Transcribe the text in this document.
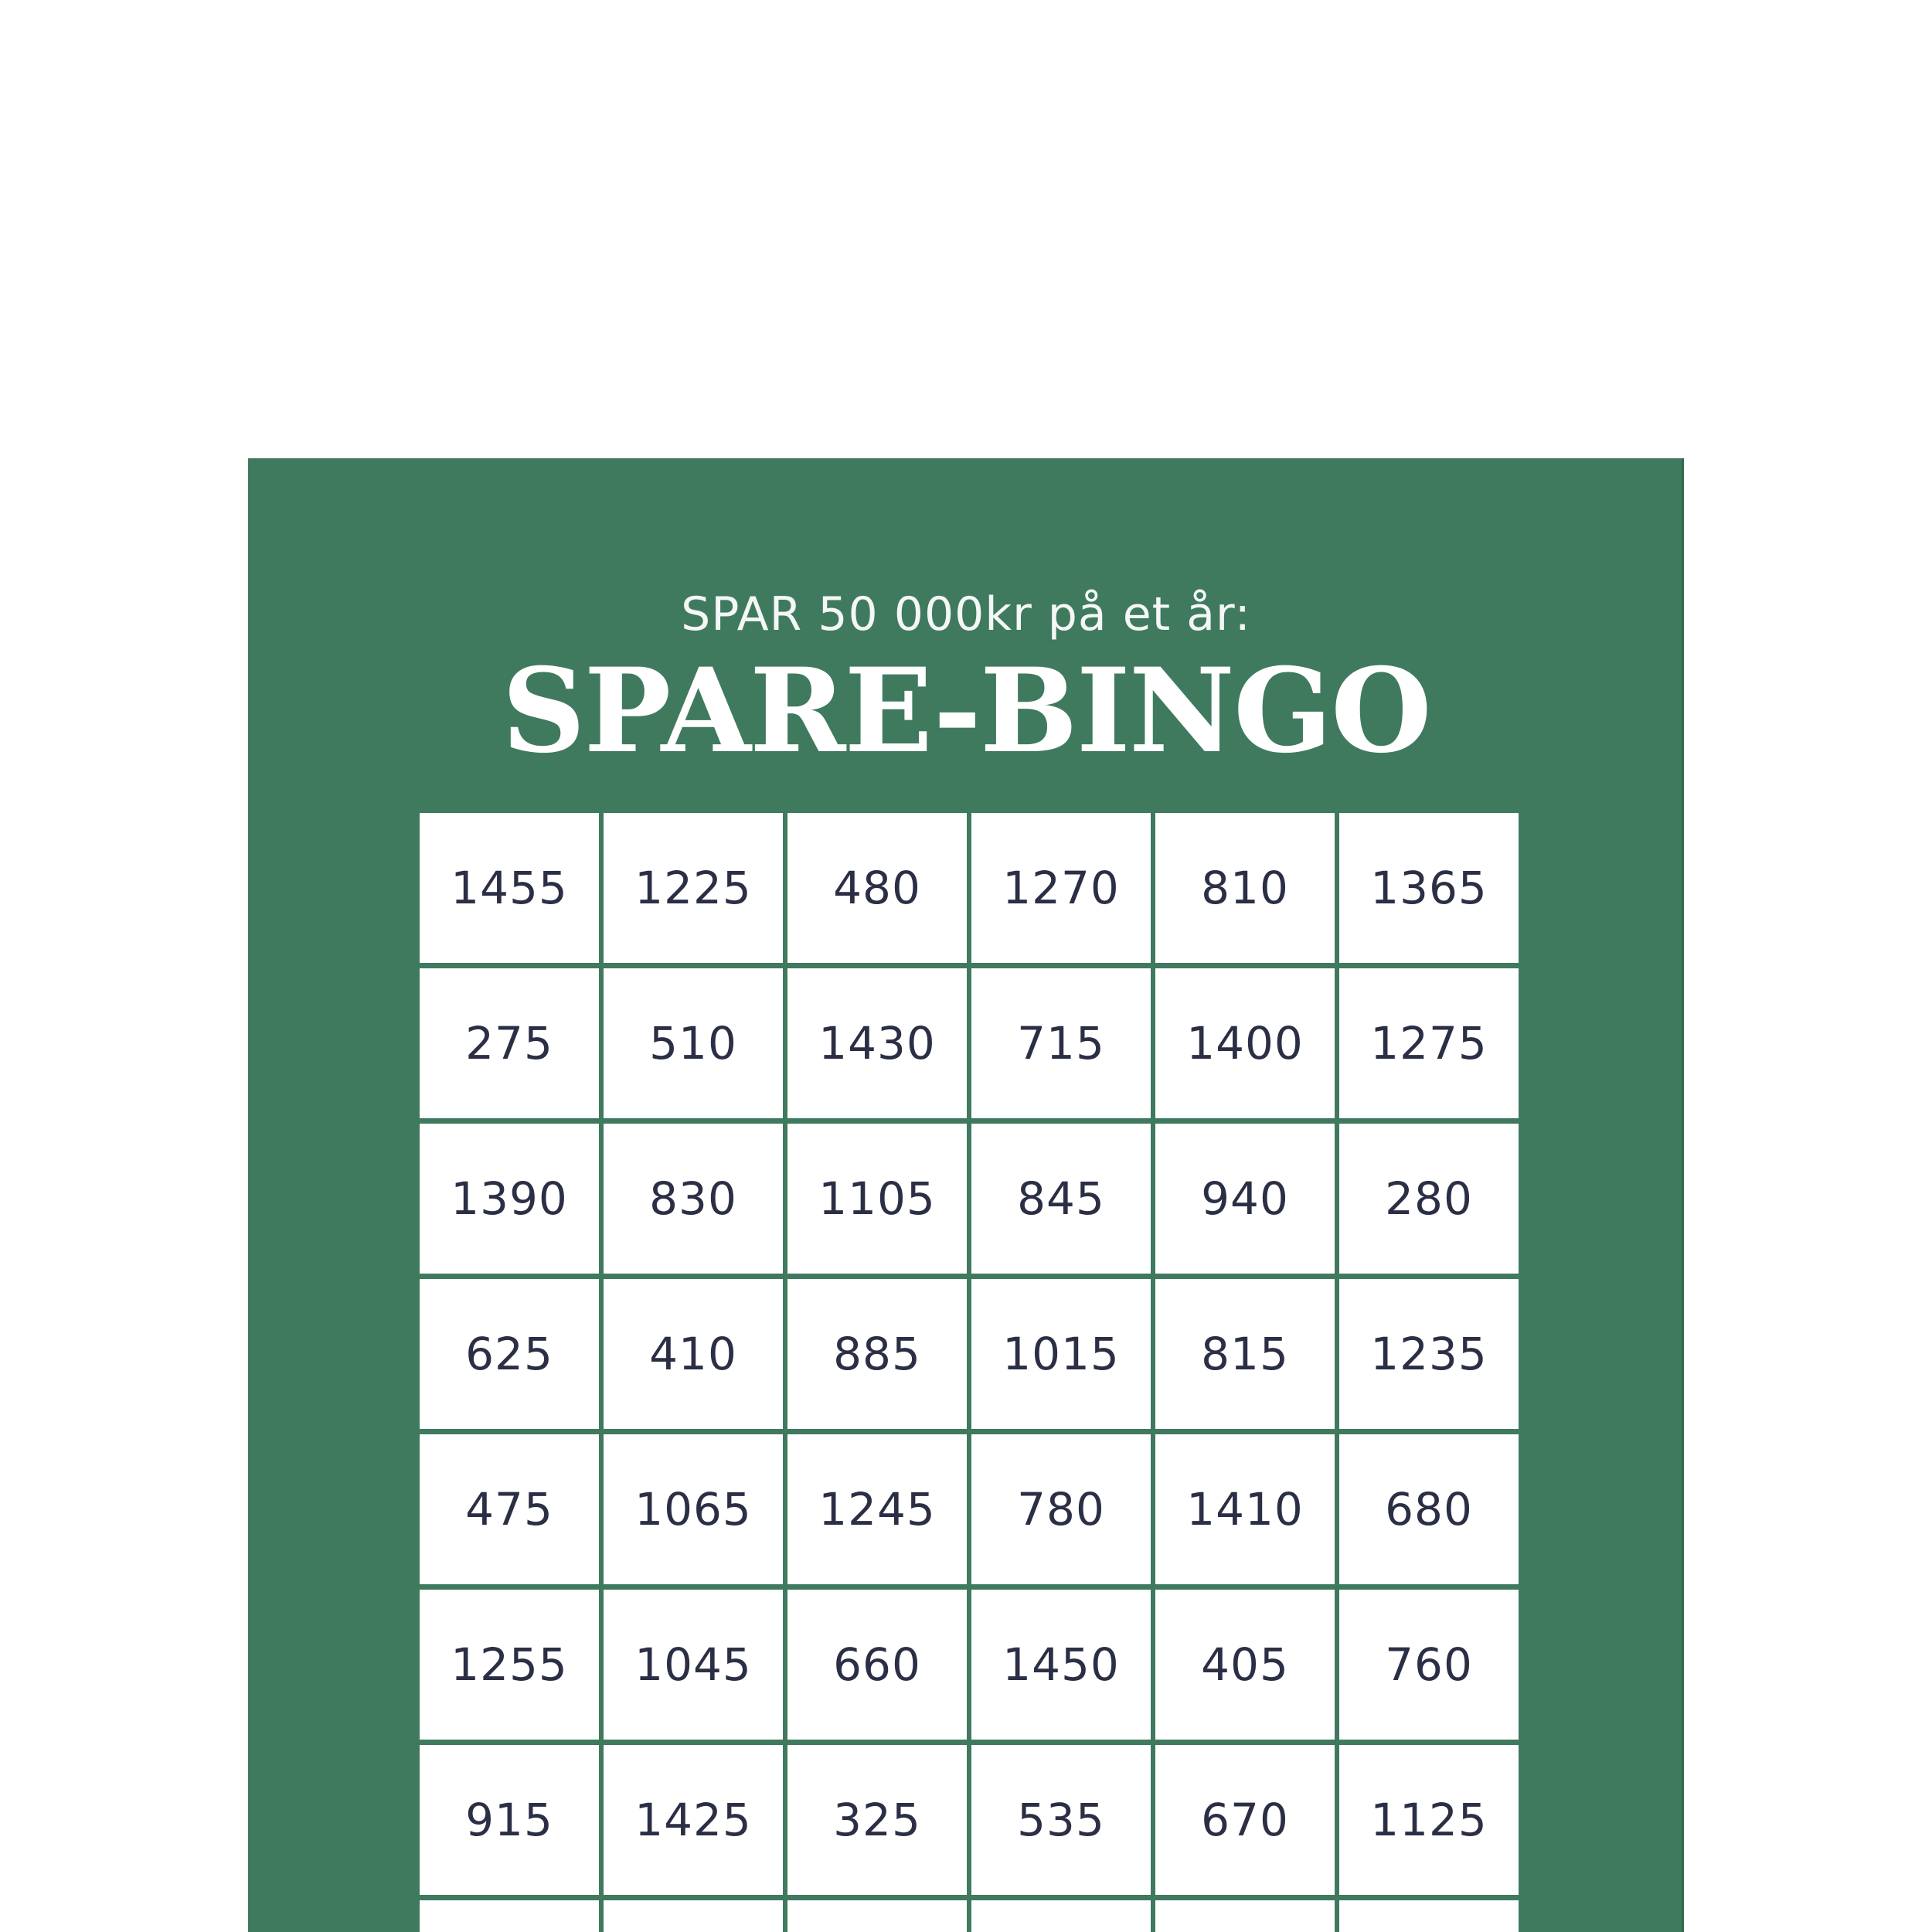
SPAR 50 000kr på et år:
SPARE-BINGO
1455	1225	480	1270	810	1365
275	510	1430	715	1400	1275
1390	830	1105	845	940	280
625	410	885	1015	815	1235
475	1065	1245	780	1410	680
1255	1045	660	1450	405	760
915	1425	325	535	670	1125
